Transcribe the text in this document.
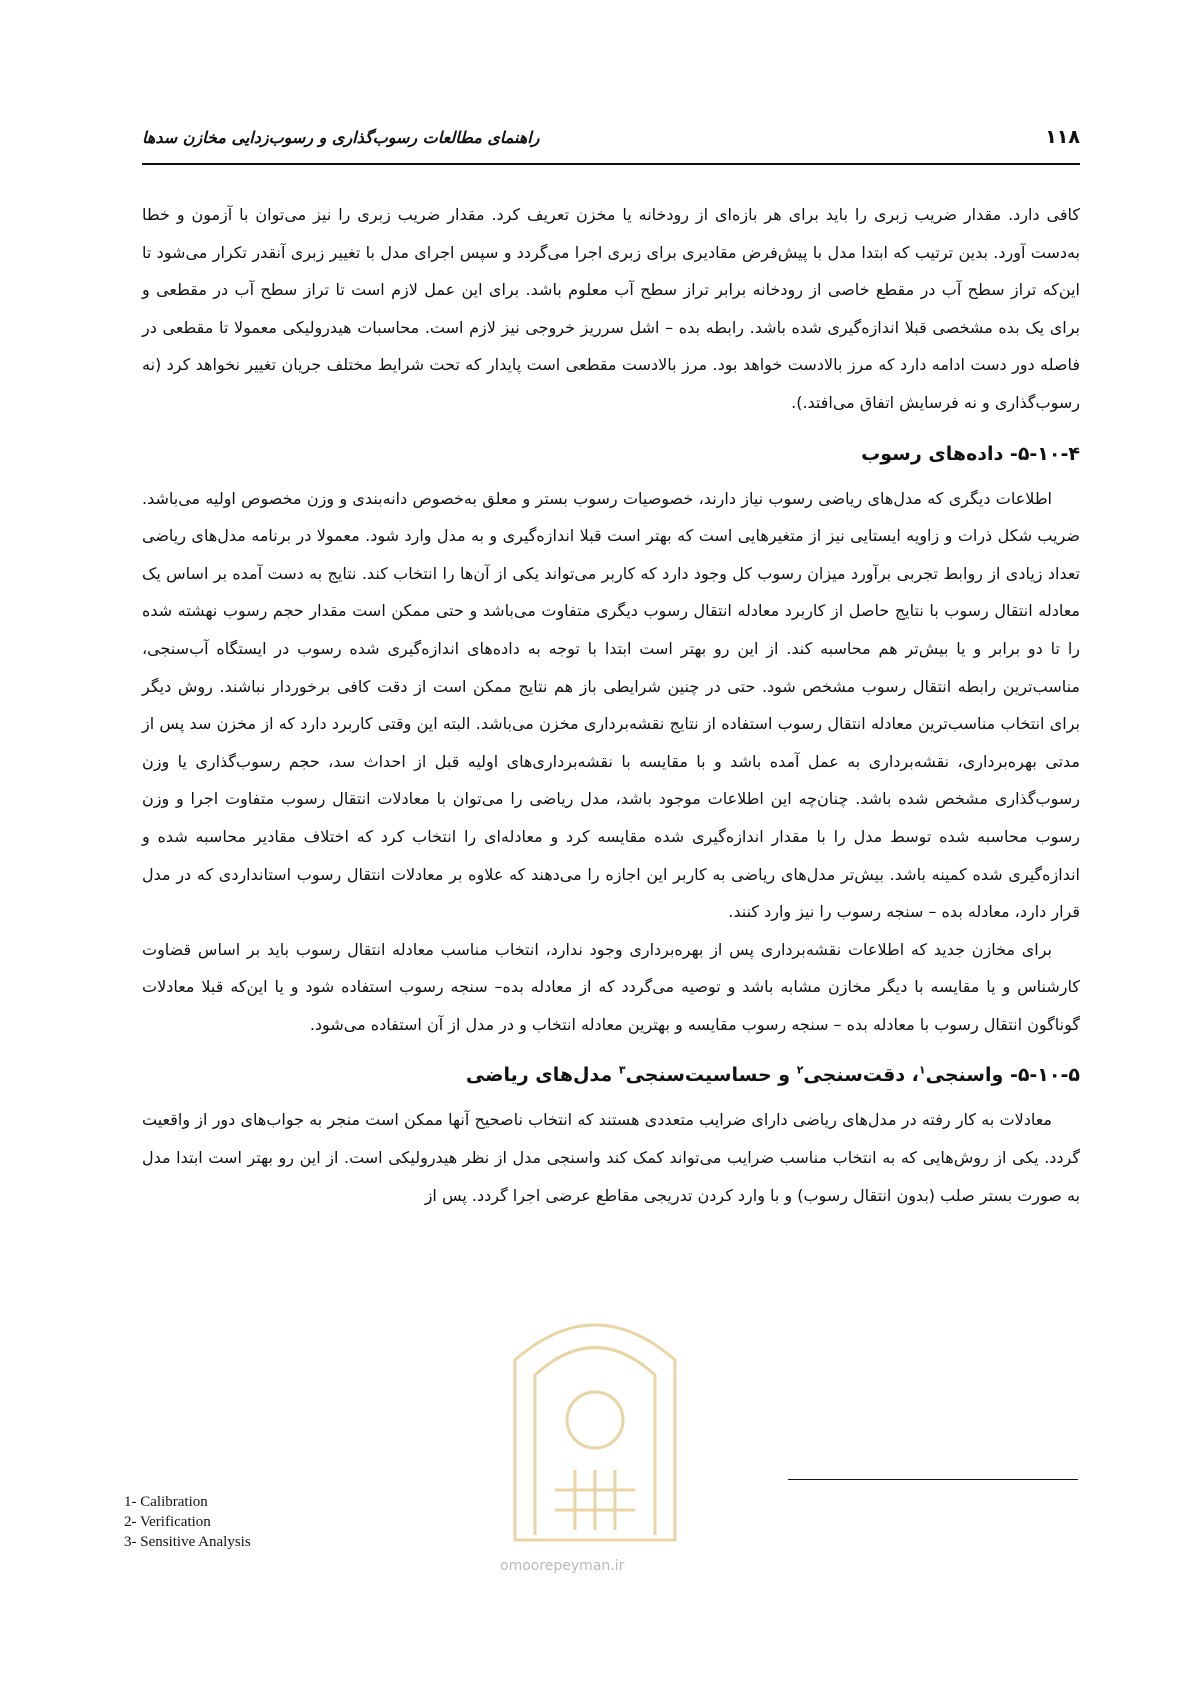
۱۱۸
راهنمای مطالعات رسوب‌گذاری و رسوب‌زدایی مخازن سدها

کافی دارد. مقدار ضریب زبری را باید برای هر بازه‌ای از رودخانه یا مخزن تعریف کرد. مقدار ضریب زبری را نیز می‌توان با آزمون و خطا به‌دست آورد. بدین ترتیب که ابتدا مدل با پیش‌فرض مقادیری برای زبری اجرا می‌گردد و سپس اجرای مدل با تغییر زبری آنقدر تکرار می‌شود تا این‌که تراز سطح آب در مقطع خاصی از رودخانه برابر تراز سطح آب معلوم باشد. برای این عمل لازم است تا تراز سطح آب در مقطعی و برای یک بده مشخصی قبلا اندازه‌گیری شده باشد. رابطه بده – اشل سرریز خروجی نیز لازم است. محاسبات هیدرولیکی معمولا تا مقطعی در فاصله دور دست ادامه دارد که مرز بالادست خواهد بود. مرز بالادست مقطعی است پایدار که تحت شرایط مختلف جریان تغییر نخواهد کرد (نه رسوب‌گذاری و نه فرسایش اتفاق می‌افتد.).

۵-۱۰-۴- داده‌های رسوب

اطلاعات دیگری که مدل‌های ریاضی رسوب نیاز دارند، خصوصیات رسوب بستر و معلق به‌خصوص دانه‌بندی و وزن مخصوص اولیه می‌باشد. ضریب شکل ذرات و زاویه ایستایی نیز از متغیرهایی است که بهتر است قبلا اندازه‌گیری و به مدل وارد شود. معمولا در برنامه مدل‌های ریاضی تعداد زیادی از روابط تجربی برآورد میزان رسوب کل وجود دارد که کاربر می‌تواند یکی از آن‌ها را انتخاب کند. نتایج به دست آمده بر اساس یک معادله انتقال رسوب با نتایج حاصل از کاربرد معادله انتقال رسوب دیگری متفاوت می‌باشد و حتی ممکن است مقدار حجم رسوب نهشته شده را تا دو برابر و یا بیش‌تر هم محاسبه کند. از این رو بهتر است ابتدا با توجه به داده‌های اندازه‌گیری شده رسوب در ایستگاه آب‌سنجی، مناسب‌ترین رابطه انتقال رسوب مشخص شود. حتی در چنین شرایطی باز هم نتایج ممکن است از دقت کافی برخوردار نباشند. روش دیگر برای انتخاب مناسب‌ترین معادله انتقال رسوب استفاده از نتایج نقشه‌برداری مخزن می‌باشد. البته این وقتی کاربرد دارد که از مخزن سد پس از مدتی بهره‌برداری، نقشه‌برداری به عمل آمده باشد و با مقایسه با نقشه‌برداری‌های اولیه قبل از احداث سد، حجم رسوب‌گذاری یا وزن رسوب‌گذاری مشخص شده باشد. چنان‌چه این اطلاعات موجود باشد، مدل ریاضی را می‌توان با معادلات انتقال رسوب متفاوت اجرا و وزن رسوب محاسبه شده توسط مدل را با مقدار اندازه‌گیری شده مقایسه کرد و معادله‌ای را انتخاب کرد که اختلاف مقادیر محاسبه شده و اندازه‌گیری شده کمینه باشد. بیش‌تر مدل‌های ریاضی به کاربر این اجازه را می‌دهند که علاوه بر معادلات انتقال رسوب استانداردی که در مدل قرار دارد، معادله بده – سنجه رسوب را نیز وارد کنند.

برای مخازن جدید که اطلاعات نقشه‌برداری پس از بهره‌برداری وجود ندارد، انتخاب مناسب معادله انتقال رسوب باید بر اساس قضاوت کارشناس و یا مقایسه با دیگر مخازن مشابه باشد و توصیه می‌گردد که از معادله بده– سنجه رسوب استفاده شود و یا این‌که قبلا معادلات گوناگون انتقال رسوب با معادله بده – سنجه رسوب مقایسه و بهترین معادله انتخاب و در مدل از آن استفاده می‌شود.

۵-۱۰-۵- واسنجی$^۱$، دقت‌سنجی$^۲$ و حساسیت‌سنجی$^۳$ مدل‌های ریاضی

معادلات به کار رفته در مدل‌های ریاضی دارای ضرایب متعددی هستند که انتخاب ناصحیح آنها ممکن است منجر به جواب‌های دور از واقعیت گردد. یکی از روش‌هایی که به انتخاب مناسب ضرایب می‌تواند کمک کند واسنجی مدل از نظر هیدرولیکی است. از این رو بهتر است ابتدا مدل به صورت بستر صلب (بدون انتقال رسوب) و با وارد کردن تدریجی مقاطع عرضی اجرا گردد. پس از

1- Calibration
2- Verification
3- Sensitive Analysis
omoorepeyman.ir
